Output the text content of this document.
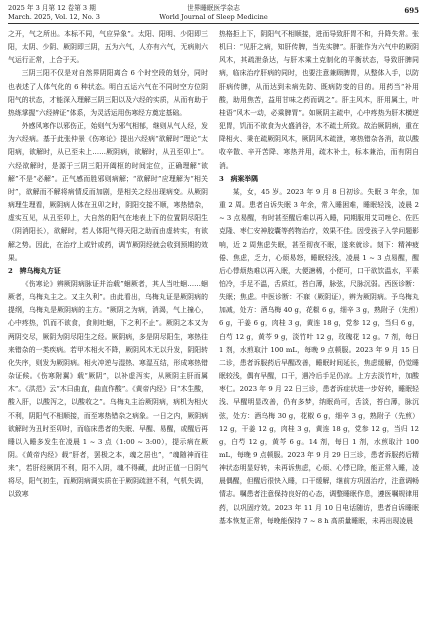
2025 年 3 月第 12 卷第 3 期
March. 2025, Vol. 12, No. 3
世界睡眠医学杂志
World Journal of Sleep Medicine
695

之开，气之所出。本标不同，气应异象”。太阳、阳明、少阳即三阳，太阴、少阴、厥阴即三阴，五为六气，人亦有六气，无病则六气运行正常，上合于天。

三阴三阳不仅是对自然界阴阳离合 6 个时空段的划分，同时也表述了人体气化的 6 种状态。明白五运六气在不同时空方位阴阳气的状态，才能深入理解三阴三阳以及六经的实质，从而有助于热练掌握“六经辨证”体系，为灵活运用伤寒经方奠定基础。

外感风寒作以邪伤正，始则气为邪气相郁，继则从气人经，发为六经病。基于此张仲景《伤寒论》提出六经病“欲解时”理论“太阳病，欲解时，从已至未上……厥阴病，欲解时，从丑至卯上”。六经欲解时，是源于三阴三阳开阖枢的时间定位，正确理解“欲解”不是“必解”。正气感而胜邪则病解；“欲解时”应理解为“相关时”，欲解而不解将病情反而加剧，是相关之经出现病变。从厥阴病理生理看，厥阴病人体在丑卯之时，阴阳交接不顺，寒热错杂，虚实互见，从丑至卯上，大自然的阳气在地表上下的位置阴尽阳生（阴消阳长），欲解时，若人体阳气得天阳之助而由虚转实，有欲解之势。因此，在治疗上或针或药，调节厥阴经就会收到预期的效果。

2　辨乌梅丸方证

《伤寒论》辨厥阴病脉证并治载”蛔厥者，其人当吐蛔……蛔厥者，乌梅丸主之。又主久利”。由此看出，乌梅丸证是厥阴病的提纲，乌梅丸是厥阴病的主方。“厥阴之为病，消渴，气上撞心，心中疼热，饥而不欲食，食则吐蛔，下之利不止”。厥阴之本又为两阴交尽，厥阴为阴尽阳生之经。厥阴病，多是阴尽阳生，寒热往来错杂的一类疾病。若甲木相火不降，厥阴风木无以升发，阴阳转化失序，则发为厥阴病。相火冲逆与湿热、寒湿互结，形成寒热错杂证候。《伤寒附翼》载“厥阴”，以补虚泻实，从厥阴主肝而属木”。《洪范》云“木曰曲直，曲直作酸”。《黄帝内经》曰“木生酸，酸入肝，以酸泻之，以酸收之”。乌梅丸主治厥阴病，病机为相火不利，阴阳气不相顺接，而至寒热错杂之病象。一日之内，厥阴病欲解时为丑时至卯时，而临床患者的失眠、早醒、易醒，或醒后再睡以入睡多发生在凌晨 1 ~ 3 点（1:00 ~ 3:00），提示病在厥阴。《黄帝内经》载“肝者，罢极之本，魂之居也”，“魂随神而往来”，若肝经厥阴不利，阳不入阴，魂不得藏，此时正值一日阴气将尽，阳气初生，而厥阴病调实质在于厥阴疏泄不利，气机失调，以致寒

热格拒上下，阴阳气不相顺接，进而导致肝胃不和，升降失常。张机曰：“见肝之病，知肝传脾，当先实脾”。肝脏作为六气中的厥阴风木，其疏泄条达，与肝木乘土克制化的平衡状态，导致肝脾同病，临床治疗肝病的同时，也要注意兼顾脾胃，从整体入手，以防肝病传脾，从而达到未病先防、既病防变的目的。用药当“补用酸，助用焦苦，益用甘味之药而调之”。肝主风木，肝用属土，叶桂语“风木一动，必乘脾胃”。如厥阴主疏中，心中疼热为肝木横逆犯胃，饥而不欲食为火盛消谷，木不疏土所致。故治厥阴病，重在降相火、秉在疏厥阴风木，厥阴风木疏泄，寒热错杂各消，故以酸收辛散、辛开苦降、寒热并用，疏木补土，标本兼治，而有阴自消。

3　病案举隅

某，女，45 岁。2023 年 9 月 8 日初诊。失眠 3 年余，加重 2 周。患者自诉失眠 3 年余，常入睡困难，睡眠轻浅，凌晨 2 ~ 3 点易醒，有时甚至醒后难以再入睡，同期服用艾司唑仑、佐匹克隆、枣仁安神胶囊等药物治疗，效果不佳。因受孩子入学问题影响，近 2 周焦虑失眠，甚至彻夜不眠，遂来就诊。刻下：精神疲倦、焦虑，乏力，心烦易怒，睡眠轻浅，凌晨 1 ~ 3 点易醒，醒后心悸烦热难以再入眠，大便溏稀，小便可，口干欲饮温水，平素怕冷，手足不温，舌质红，苔白薄，脉弦，尺脉沉弱。西医诊断：失眠；焦虑。中医诊断：不寐（厥阴证），辨为厥阴病。予乌梅丸加减，处方：酒乌梅 40 g，花椒 6 g，细辛 3 g，熟附子（先煎）6 g，干姜 6 g，肉桂 3 g，黄连 18 g，党参 12 g，当归 6 g，白芍 12 g，黄芩 9 g，淡竹叶 12 g，玫瑰花 12 g。7 剂，每日 1 剂，水煎取汁 100 mL，每晚 9 点顿服。2023 年 9 月 15 日二诊，患者诉服药后早醒改善，睡眠时间延长，焦虑缓解，仍觉睡眠较浅，偶有早醒，口干，遇冷后手足仍凉。上方去淡竹叶，加酸枣仁。2023 年 9 月 22 日三诊，患者诉症状进一步好转，睡眠轻浅、早醒明显改善，仍有多梦，纳眠尚可，舌淡，苔白薄，脉沉弦，处方：酒乌梅 30 g，花椒 6 g，细辛 3 g，熟附子（先煎）12 g，干姜 12 g，肉桂 3 g，黄连 18 g，党参 12 g，当归 12 g，白芍 12 g，黄芩 6 g。14 剂，每日 1 剂，水煎取汁 100 mL，每晚 9 点顿服。2023 年 9 月 29 日三诊，患者诉服药后精神状态明显好转，未再诉焦虑，心烦、心悸已除，能正常入睡，凌晨偶醒，但醒后很快入睡，口干缓解，继前方巩固治疗，注意调畅情志。嘱患者注意保持良好的心态，调整睡眠作息，遵医嘱规律用药，以巩固疗效。2023 年 11 月 10 日电话随访，患者自诉睡眠基本恢复正常，每晚能保持 7 ~ 8 h 高质量睡眠，未再出现凌晨
